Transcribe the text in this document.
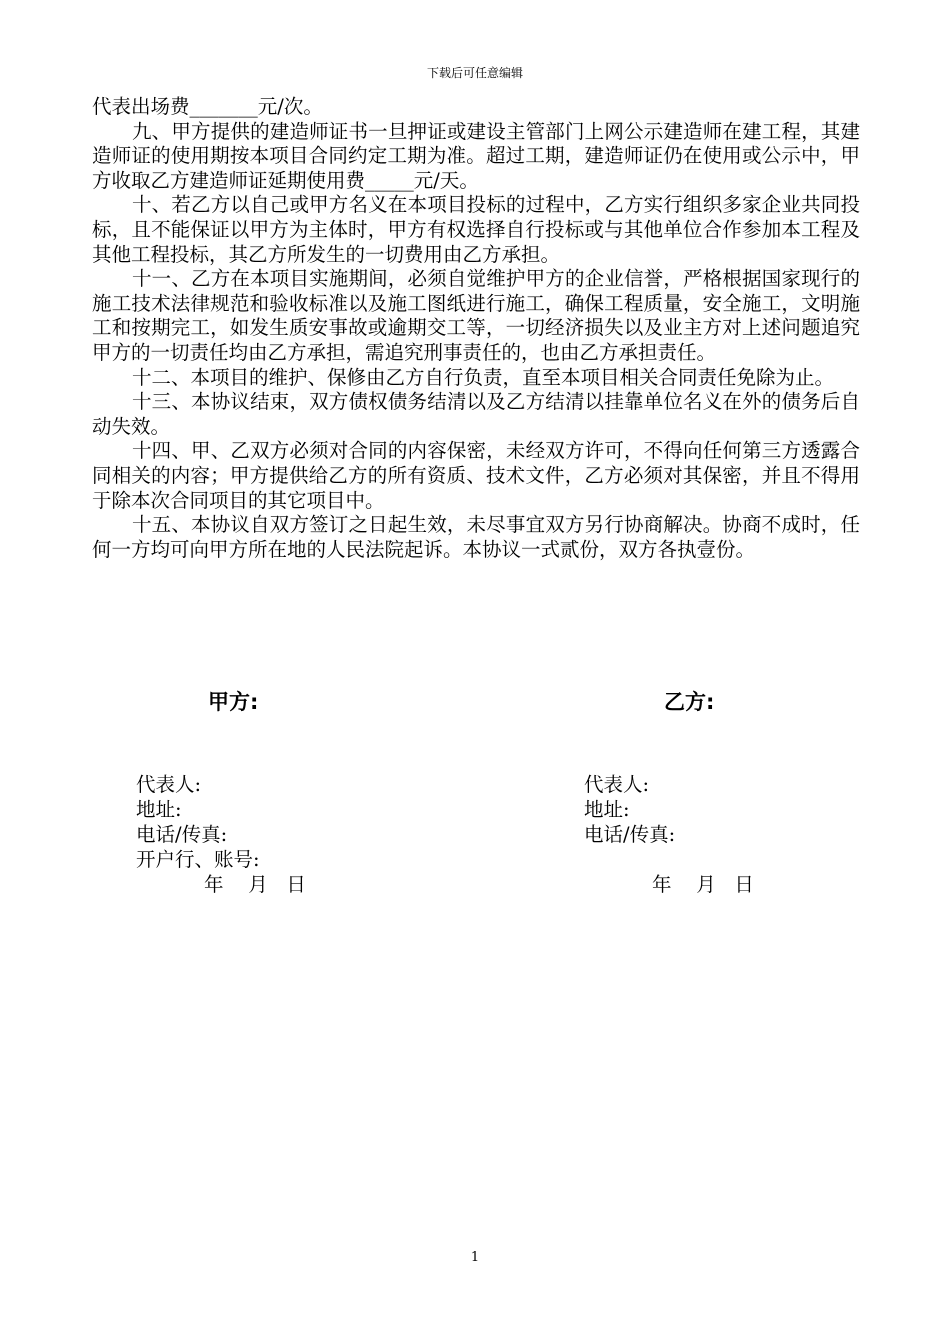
下载后可任意编辑

代表出场费_______元/次。

九、甲方提供的建造师证书一旦押证或建设主管部门上网公示建造师在建工程，其建造师证的使用期按本项目合同约定工期为准。超过工期，建造师证仍在使用或公示中，甲方收取乙方建造师证延期使用费_____元/天。

十、若乙方以自己或甲方名义在本项目投标的过程中，乙方实行组织多家企业共同投标，且不能保证以甲方为主体时，甲方有权选择自行投标或与其他单位合作参加本工程及其他工程投标，其乙方所发生的一切费用由乙方承担。

十一、乙方在本项目实施期间，必须自觉维护甲方的企业信誉，严格根据国家现行的施工技术法律规范和验收标准以及施工图纸进行施工，确保工程质量，安全施工，文明施工和按期完工，如发生质安事故或逾期交工等，一切经济损失以及业主方对上述问题追究甲方的一切责任均由乙方承担，需追究刑事责任的，也由乙方承担责任。

十二、本项目的维护、保修由乙方自行负责，直至本项目相关合同责任免除为止。

十三、本协议结束，双方债权债务结清以及乙方结清以挂靠单位名义在外的债务后自动失效。

十四、甲、乙双方必须对合同的内容保密，未经双方许可，不得向任何第三方透露合同相关的内容；甲方提供给乙方的所有资质、技术文件，乙方必须对其保密，并且不得用于除本次合同项目的其它项目中。

十五、本协议自双方签订之日起生效，未尽事宜双方另行协商解决。协商不成时，任何一方均可向甲方所在地的人民法院起诉。本协议一式贰份，双方各执壹份。

甲方:	乙方:
代表人:
地址:
电话/传真:
开户行、账号:
年    月   日
代表人:
地址:
电话/传真:
年    月   日
1
